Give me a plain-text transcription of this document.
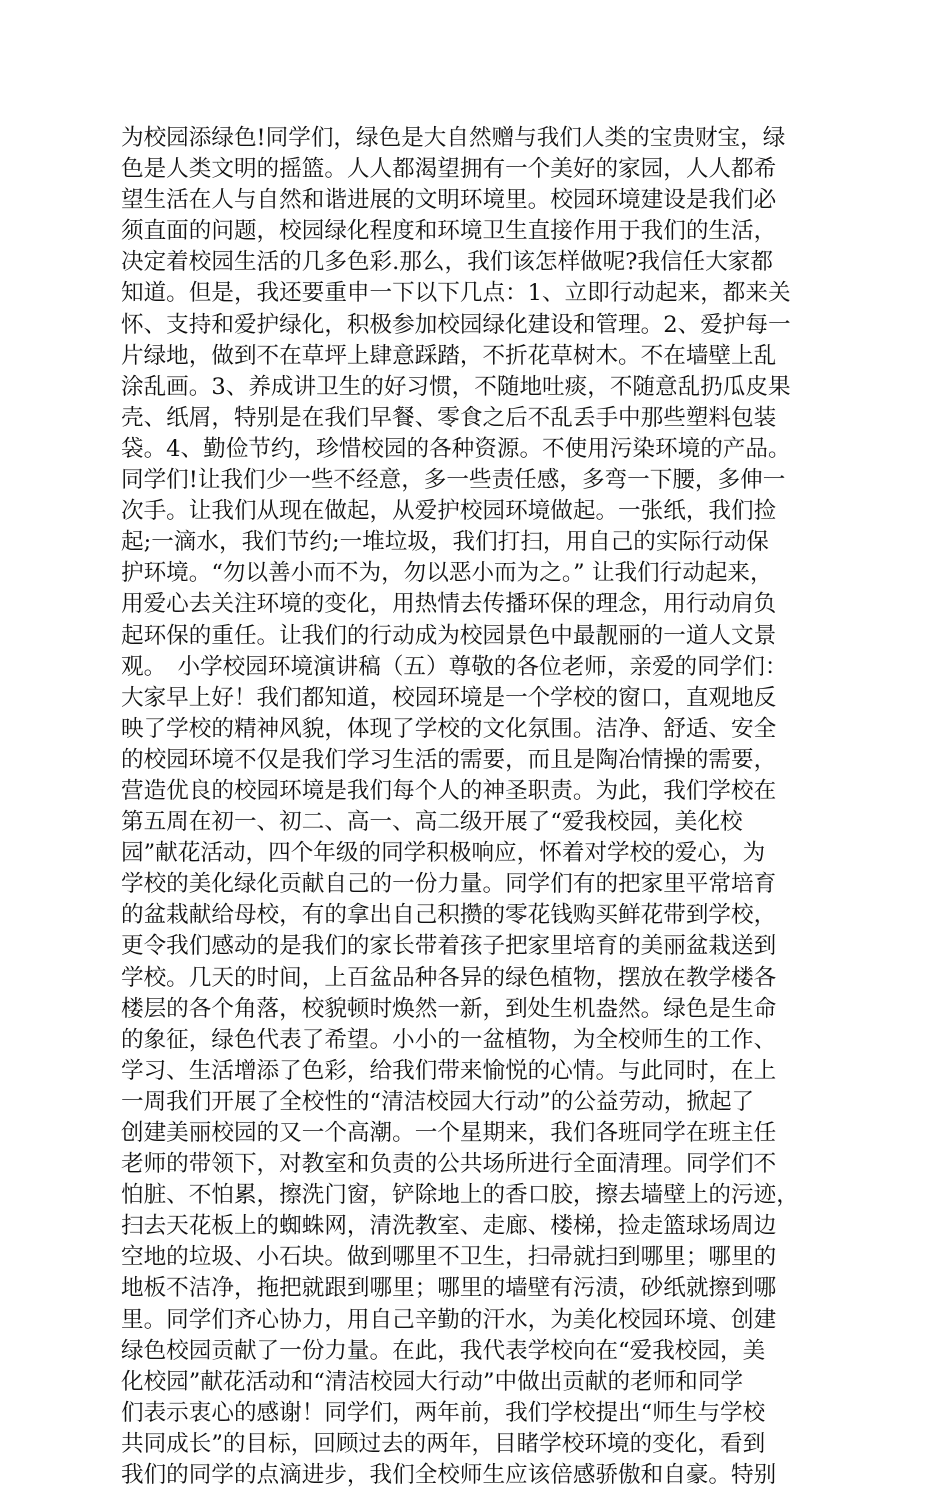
为校园添绿色!同学们，绿色是大自然赠与我们人类的宝贵财宝，绿
色是人类文明的摇篮。人人都渴望拥有一个美好的家园，人人都希
望生活在人与自然和谐进展的文明环境里。校园环境建设是我们必
须直面的问题，校园绿化程度和环境卫生直接作用于我们的生活，
决定着校园生活的几多色彩.那么，我们该怎样做呢?我信任大家都
知道。但是，我还要重申一下以下几点：1、立即行动起来，都来关
怀、支持和爱护绿化，积极参加校园绿化建设和管理。2、爱护每一
片绿地，做到不在草坪上肆意踩踏，不折花草树木。不在墙壁上乱
涂乱画。3、养成讲卫生的好习惯，不随地吐痰，不随意乱扔瓜皮果
壳、纸屑，特别是在我们早餐、零食之后不乱丢手中那些塑料包装
袋。4、勤俭节约，珍惜校园的各种资源。不使用污染环境的产品。
同学们!让我们少一些不经意，多一些责任感，多弯一下腰，多伸一
次手。让我们从现在做起，从爱护校园环境做起。一张纸，我们捡
起;一滴水，我们节约;一堆垃圾，我们打扫，用自己的实际行动保
护环境。“勿以善小而不为，勿以恶小而为之。” 让我们行动起来，
用爱心去关注环境的变化，用热情去传播环保的理念，用行动肩负
起环保的重任。让我们的行动成为校园景色中最靓丽的一道人文景
观。　小学校园环境演讲稿（五）尊敬的各位老师，亲爱的同学们：
大家早上好！我们都知道，校园环境是一个学校的窗口，直观地反
映了学校的精神风貌，体现了学校的文化氛围。洁净、舒适、安全
的校园环境不仅是我们学习生活的需要，而且是陶冶情操的需要，
营造优良的校园环境是我们每个人的神圣职责。为此，我们学校在
第五周在初一、初二、高一、高二级开展了“爱我校园，美化校
园”献花活动，四个年级的同学积极响应，怀着对学校的爱心，为
学校的美化绿化贡献自己的一份力量。同学们有的把家里平常培育
的盆栽献给母校，有的拿出自己积攒的零花钱购买鲜花带到学校，
更令我们感动的是我们的家长带着孩子把家里培育的美丽盆栽送到
学校。几天的时间，上百盆品种各异的绿色植物，摆放在教学楼各
楼层的各个角落，校貌顿时焕然一新，到处生机盎然。绿色是生命
的象征，绿色代表了希望。小小的一盆植物，为全校师生的工作、
学习、生活增添了色彩，给我们带来愉悦的心情。与此同时，在上
一周我们开展了全校性的“清洁校园大行动”的公益劳动，掀起了
创建美丽校园的又一个高潮。一个星期来，我们各班同学在班主任
老师的带领下，对教室和负责的公共场所进行全面清理。同学们不
怕脏、不怕累，擦洗门窗，铲除地上的香口胶，擦去墙壁上的污迹，
扫去天花板上的蜘蛛网，清洗教室、走廊、楼梯，捡走篮球场周边
空地的垃圾、小石块。做到哪里不卫生，扫帚就扫到哪里；哪里的
地板不洁净，拖把就跟到哪里；哪里的墙壁有污渍，砂纸就擦到哪
里。同学们齐心协力，用自己辛勤的汗水，为美化校园环境、创建
绿色校园贡献了一份力量。在此，我代表学校向在“爱我校园，美
化校园”献花活动和“清洁校园大行动”中做出贡献的老师和同学
们表示衷心的感谢！同学们，两年前，我们学校提出“师生与学校
共同成长”的目标，回顾过去的两年，目睹学校环境的变化，看到
我们的同学的点滴进步，我们全校师生应该倍感骄傲和自豪。特别
